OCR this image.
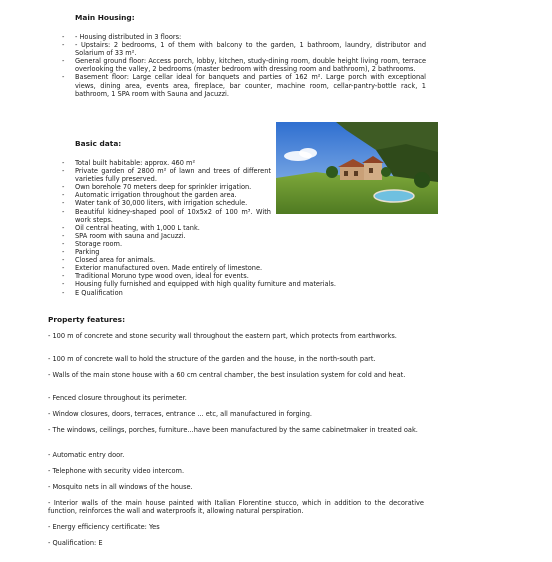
Main Housing:
- - Housing distributed in 3 floors:
- - Upstairs: 2 bedrooms, 1 of them with balcony to the garden, 1 bathroom, laundry, distributor and Solarium of 33 m².
- General ground floor: Access porch, lobby, kitchen, study-dining room, double height living room, terrace overlooking the valley, 2 bedrooms (master bedroom with dressing room and bathroom), 2 bathrooms.
- Basement floor: Large cellar ideal for banquets and parties of 162 m². Large porch with exceptional views, dining area, events area, fireplace, bar counter, machine room, cellar-pantry-bottle rack, 1 bathroom, 1 SPA room with Sauna and Jacuzzi.
Basic data:
- Total built habitable: approx. 460 m²
- Private garden of 2800 m² of lawn and trees of different varieties fully preserved.
- Own borehole 70 meters deep for sprinkler irrigation.
- Automatic irrigation throughout the garden area.
- Water tank of 30,000 liters, with irrigation schedule.
- Beautiful kidney-shaped pool of 10x5x2 of 100 m³. With work steps.
- Oil central heating, with 1,000 L tank.
- SPA room with sauna and Jacuzzi.
- Storage room.
- Parking
- Closed area for animals.
- Exterior manufactured oven. Made entirely of limestone.
- Traditional Moruno type wood oven, ideal for events.
- Housing fully furnished and equipped with high quality furniture and materials.
- E Qualification
Property features:

- 100 m of concrete and stone security wall throughout the eastern part, which protects from earthworks.

- 100 m of concrete wall to hold the structure of the garden and the house, in the north-south part.

- Walls of the main stone house with a 60 cm central chamber, the best insulation system for cold and heat.

- Fenced closure throughout its perimeter.

- Window closures, doors, terraces, entrance ... etc, all manufactured in forging.

- The windows, ceilings, porches, furniture...have been manufactured by the same cabinetmaker in treated oak.

- Automatic entry door.

- Telephone with security video intercom.

- Mosquito nets in all windows of the house.

- Interior walls of the main house painted with Italian Florentine stucco, which in addition to the decorative function, reinforces the wall and waterproofs it, allowing natural perspiration.

- Energy efficiency certificate: Yes

- Qualification: E
